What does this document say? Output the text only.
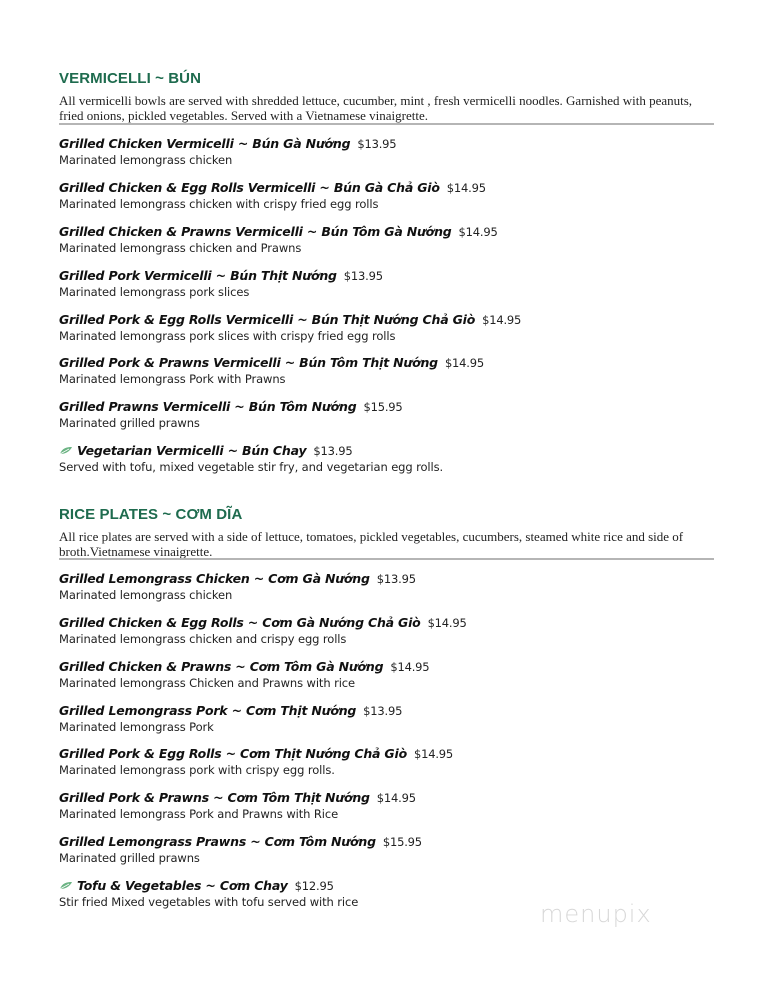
VERMICELLI ~ BÚN
All vermicelli bowls are served with shredded lettuce, cucumber, mint , fresh vermicelli noodles. Garnished with peanuts, fried onions, pickled vegetables. Served with a Vietnamese vinaigrette.
Grilled Chicken Vermicelli ~ Bún Gà Nướng $13.95
Marinated lemongrass chicken
Grilled Chicken & Egg Rolls Vermicelli ~ Bún Gà Chả Giò $14.95
Marinated lemongrass chicken with crispy fried egg rolls
Grilled Chicken & Prawns Vermicelli ~ Bún Tôm Gà Nướng $14.95
Marinated lemongrass chicken and Prawns
Grilled Pork Vermicelli ~ Bún Thịt Nướng $13.95
Marinated lemongrass pork slices
Grilled Pork & Egg Rolls Vermicelli ~ Bún Thịt Nướng Chả Giò $14.95
Marinated lemongrass pork slices with crispy fried egg rolls
Grilled Pork & Prawns Vermicelli ~ Bún Tôm Thịt Nướng $14.95
Marinated lemongrass Pork with Prawns
Grilled Prawns Vermicelli ~ Bún Tôm Nướng $15.95
Marinated grilled prawns
Vegetarian Vermicelli ~ Bún Chay $13.95
Served with tofu, mixed vegetable stir fry, and vegetarian egg rolls.
RICE PLATES ~ CƠM DĨA
All rice plates are served with a side of lettuce, tomatoes, pickled vegetables, cucumbers, steamed white rice and side of broth.Vietnamese vinaigrette.
Grilled Lemongrass Chicken ~ Cơm Gà Nướng $13.95
Marinated lemongrass chicken
Grilled Chicken & Egg Rolls ~ Cơm Gà Nướng Chả Giò $14.95
Marinated lemongrass chicken and crispy egg rolls
Grilled Chicken & Prawns ~ Cơm Tôm Gà Nướng $14.95
Marinated lemongrass Chicken and Prawns with rice
Grilled Lemongrass Pork ~ Cơm Thịt Nướng $13.95
Marinated lemongrass Pork
Grilled Pork & Egg Rolls ~ Cơm Thịt Nướng Chả Giò $14.95
Marinated lemongrass pork with crispy egg rolls.
Grilled Pork & Prawns ~ Cơm Tôm Thịt Nướng $14.95
Marinated lemongrass Pork and Prawns with Rice
Grilled Lemongrass Prawns ~ Cơm Tôm Nướng $15.95
Marinated grilled prawns
Tofu & Vegetables ~ Cơm Chay $12.95
Stir fried Mixed vegetables with tofu served with rice	menupix
